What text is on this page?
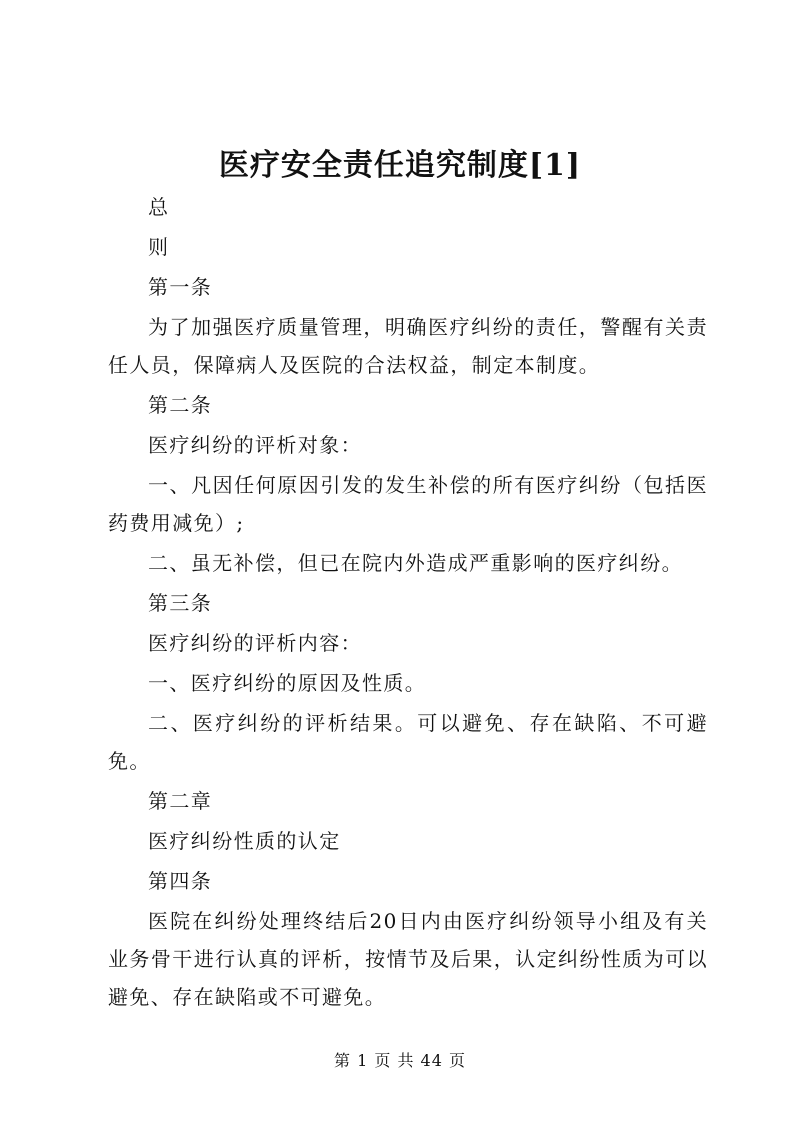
医疗安全责任追究制度[1]

总

则

第一条

为了加强医疗质量管理，明确医疗纠纷的责任，警醒有关责任人员，保障病人及医院的合法权益，制定本制度。

第二条

医疗纠纷的评析对象：

一、凡因任何原因引发的发生补偿的所有医疗纠纷（包括医药费用减免）;

二、虽无补偿，但已在院内外造成严重影响的医疗纠纷。

第三条

医疗纠纷的评析内容：

一、医疗纠纷的原因及性质。

二、医疗纠纷的评析结果。可以避免、存在缺陷、不可避免。

第二章

医疗纠纷性质的认定

第四条

医院在纠纷处理终结后20日内由医疗纠纷领导小组及有关业务骨干进行认真的评析，按情节及后果，认定纠纷性质为可以避免、存在缺陷或不可避免。

第 1 页 共 44 页
